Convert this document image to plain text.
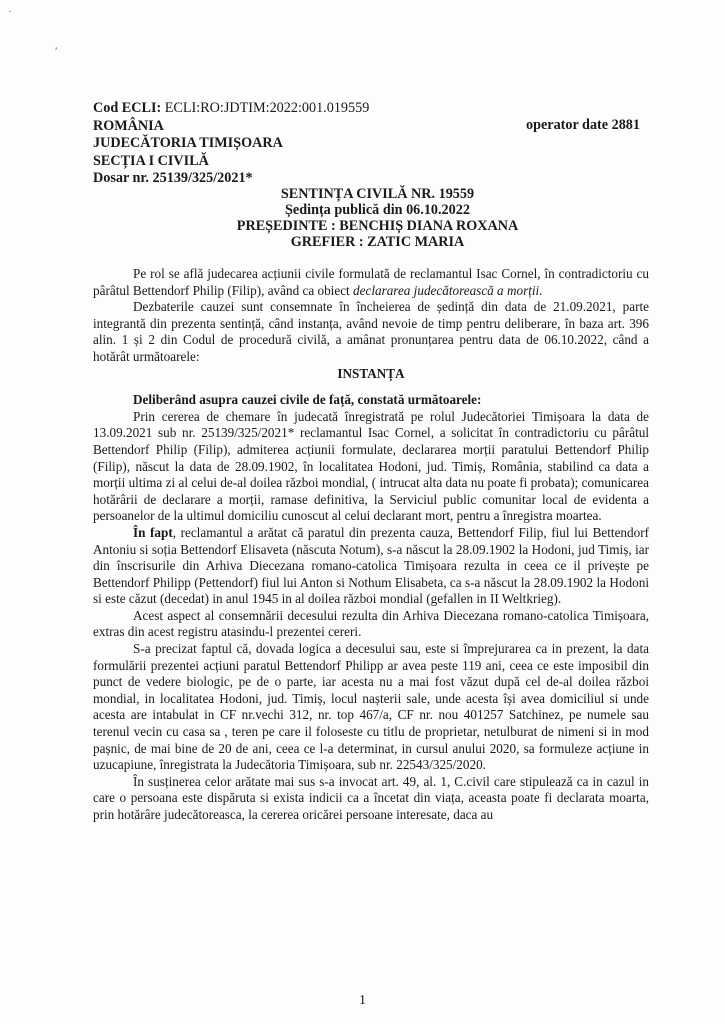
·
′
Cod ECLI: ECLI:RO:JDTIM:2022:001.019559
ROMÂNIA
JUDECĂTORIA TIMIȘOARA
SECȚIA I CIVILĂ
Dosar nr. 25139/325/2021*
operator date 2881
SENTINȚA CIVILĂ NR. 19559
Ședința publică din 06.10.2022
PREȘEDINTE : BENCHIȘ DIANA ROXANA
GREFIER : ZATIC MARIA

Pe rol se află judecarea acțiunii civile formulată de reclamantul Isac Cornel, în contradictoriu cu pârâtul Bettendorf Philip (Filip), având ca obiect declararea judecătorească a morții.

Dezbaterile cauzei sunt consemnate în încheierea de ședință din data de 21.09.2021, parte integrantă din prezenta sentință, când instanța, având nevoie de timp pentru deliberare, în baza art. 396 alin. 1 și 2 din Codul de procedură civilă, a amânat pronunțarea pentru data de 06.10.2022, când a hotărât următoarele:

INSTANȚA

Deliberând asupra cauzei civile de față, constată următoarele:

Prin cererea de chemare în judecată înregistrată pe rolul Judecătoriei Timișoara la data de 13.09.2021 sub nr. 25139/325/2021* reclamantul Isac Cornel, a solicitat în contradictoriu cu pârâtul Bettendorf Philip (Filip), admiterea acțiunii formulate, declararea morții paratului Bettendorf Philip (Filip), născut la data de 28.09.1902, în localitatea Hodoni, jud. Timiș, România, stabilind ca data a morții ultima zi al celui de-al doilea război mondial, ( intrucat alta data nu poate fi probata); comunicarea hotărârii de declarare a morții, ramase definitiva, la Serviciul public comunitar local de evidenta a persoanelor de la ultimul domiciliu cunoscut al celui declarant mort, pentru a înregistra moartea.

În fapt, reclamantul a arătat că paratul din prezenta cauza, Bettendorf Filip, fiul lui Bettendorf Antoniu si soția Bettendorf Elisaveta (născuta Notum), s-a născut la 28.09.1902 la Hodoni, jud Timiș, iar din înscrisurile din Arhiva Diecezana romano-catolica Timișoara rezulta in ceea ce il privește pe Bettendorf Philipp (Pettendorf) fiul lui Anton si Nothum Elisabeta, ca s-a născut la 28.09.1902 la Hodoni si este căzut (decedat) in anul 1945 in al doilea război mondial (gefallen in II Weltkrieg).

Acest aspect al consemnării decesului rezulta din Arhiva Diecezana romano-catolica Timișoara, extras din acest registru atasindu-l prezentei cereri.

S-a precizat faptul că, dovada logica a decesului sau, este si împrejurarea ca in prezent, la data formulării prezentei acțiuni paratul Bettendorf Philipp ar avea peste 119 ani, ceea ce este imposibil din punct de vedere biologic, pe de o parte, iar acesta nu a mai fost văzut după cel de-al doilea război mondial, in localitatea Hodoni, jud. Timiș, locul nașterii sale, unde acesta își avea domiciliul si unde acesta are intabulat in CF nr.vechi 312, nr. top 467/a, CF nr. nou 401257 Satchinez, pe numele sau terenul vecin cu casa sa , teren pe care il foloseste cu titlu de proprietar, netulburat de nimeni si in mod pașnic, de mai bine de 20 de ani, ceea ce l-a determinat, in cursul anului 2020, sa formuleze acțiune in uzucapiune, înregistrata la Judecătoria Timișoara, sub nr. 22543/325/2020.

În susținerea celor arătate mai sus s-a invocat art. 49, al. 1, C.civil care stipulează ca in cazul in care o persoana este dispăruta si exista indicii ca a încetat din viața, aceasta poate fi declarata moarta, prin hotărâre judecătoreasca, la cererea oricărei persoane interesate, daca au

1
